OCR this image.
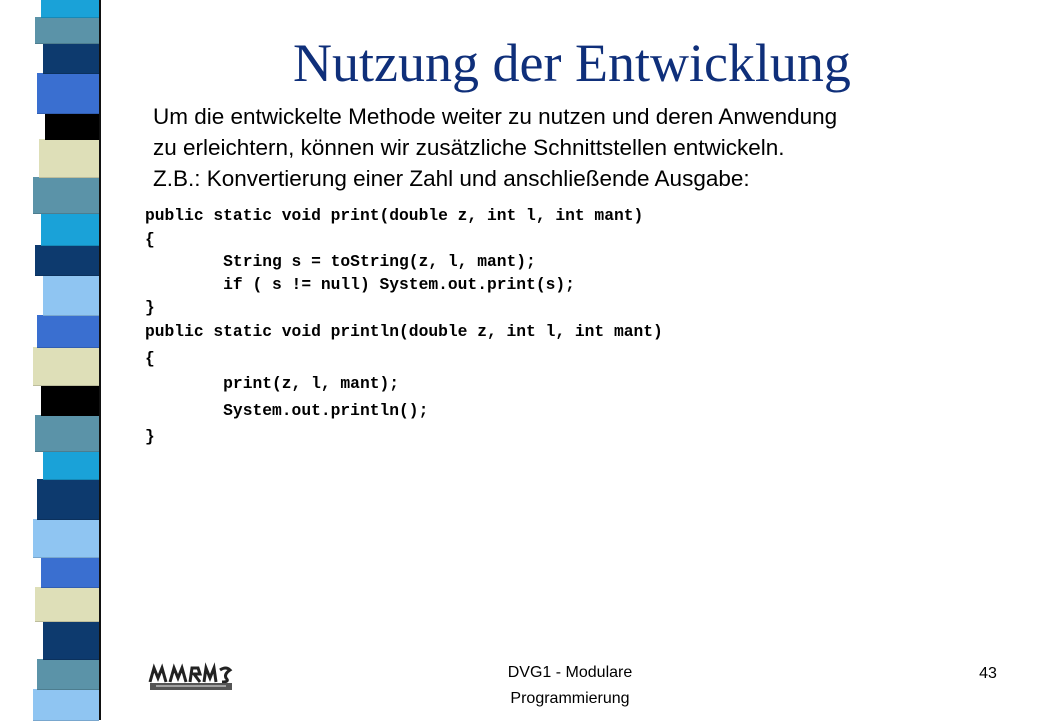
Nutzung der Entwicklung
Um die entwickelte Methode weiter zu nutzen und deren Anwendung
zu erleichtern, können wir zusätzliche Schnittstellen entwickeln.
Z.B.: Konvertierung einer Zahl und anschließende Ausgabe:
public static void print(double z, int l, int mant)
{
String s = toString(z, l, mant);
if ( s != null) System.out.print(s);
}
public static void println(double z, int l, int mant)
{
print(z, l, mant);
System.out.println();
}
DVG1 - Modulare
Programmierung
43
